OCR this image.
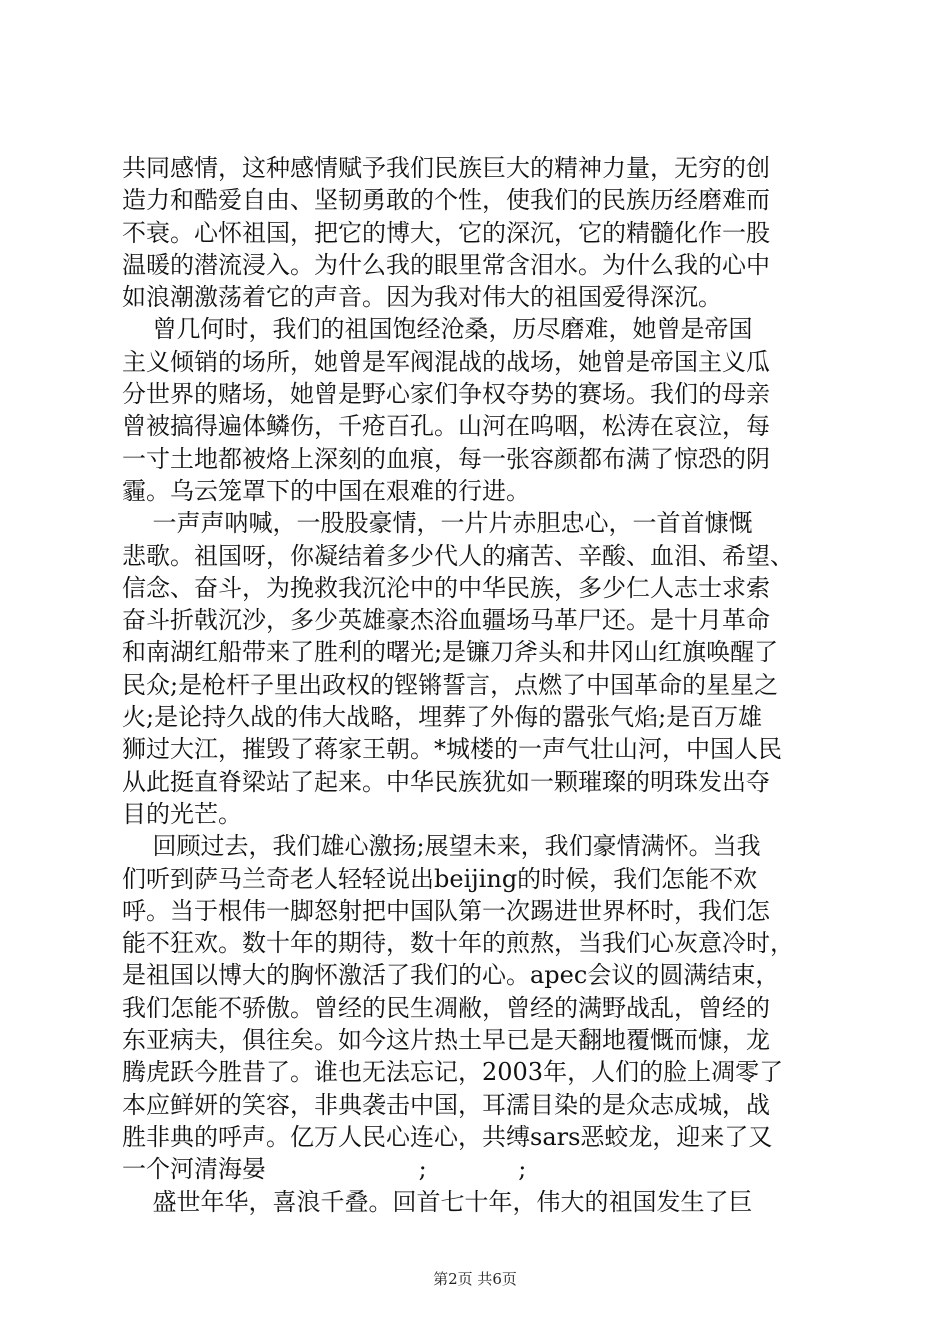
共同感情，这种感情赋予我们民族巨大的精神力量，无穷的创
造力和酷爱自由、坚韧勇敢的个性，使我们的民族历经磨难而
不衰。心怀祖国，把它的博大，它的深沉，它的精髓化作一股
温暖的潜流浸入。为什么我的眼里常含泪水。为什么我的心中
如浪潮激荡着它的声音。因为我对伟大的祖国爱得深沉。
曾几何时，我们的祖国饱经沧桑，历尽磨难，她曾是帝国
主义倾销的场所，她曾是军阀混战的战场，她曾是帝国主义瓜
分世界的赌场，她曾是野心家们争权夺势的赛场。我们的母亲
曾被搞得遍体鳞伤，千疮百孔。山河在呜咽，松涛在哀泣，每
一寸土地都被烙上深刻的血痕，每一张容颜都布满了惊恐的阴
霾。乌云笼罩下的中国在艰难的行进。
一声声呐喊，一股股豪情，一片片赤胆忠心，一首首慷慨
悲歌。祖国呀，你凝结着多少代人的痛苦、辛酸、血泪、希望、
信念、奋斗，为挽救我沉沦中的中华民族，多少仁人志士求索
奋斗折戟沉沙，多少英雄豪杰浴血疆场马革尸还。是十月革命
和南湖红船带来了胜利的曙光;是镰刀斧头和井冈山红旗唤醒了
民众;是枪杆子里出政权的铿锵誓言，点燃了中国革命的星星之
火;是论持久战的伟大战略，埋葬了外侮的嚣张气焰;是百万雄
狮过大江，摧毁了蒋家王朝。*城楼的一声气壮山河，中国人民
从此挺直脊梁站了起来。中华民族犹如一颗璀璨的明珠发出夺
目的光芒。
回顾过去，我们雄心激扬;展望未来，我们豪情满怀。当我
们听到萨马兰奇老人轻轻说出beijing的时候，我们怎能不欢
呼。当于根伟一脚怒射把中国队第一次踢进世界杯时，我们怎
能不狂欢。数十年的期待，数十年的煎熬，当我们心灰意冷时，
是祖国以博大的胸怀激活了我们的心。apec会议的圆满结束，
我们怎能不骄傲。曾经的民生凋敝，曾经的满野战乱，曾经的
东亚病夫，俱往矣。如今这片热土早已是天翻地覆慨而慷，龙
腾虎跃今胜昔了。谁也无法忘记，2003年，人们的脸上凋零了
本应鲜妍的笑容，非典袭击中国，耳濡目染的是众志成城，战
胜非典的呼声。亿万人民心连心，共缚sars恶蛟龙，迎来了又
一个河清海晏                    ;            ;
盛世年华，喜浪千叠。回首七十年，伟大的祖国发生了巨
第2页 共6页
